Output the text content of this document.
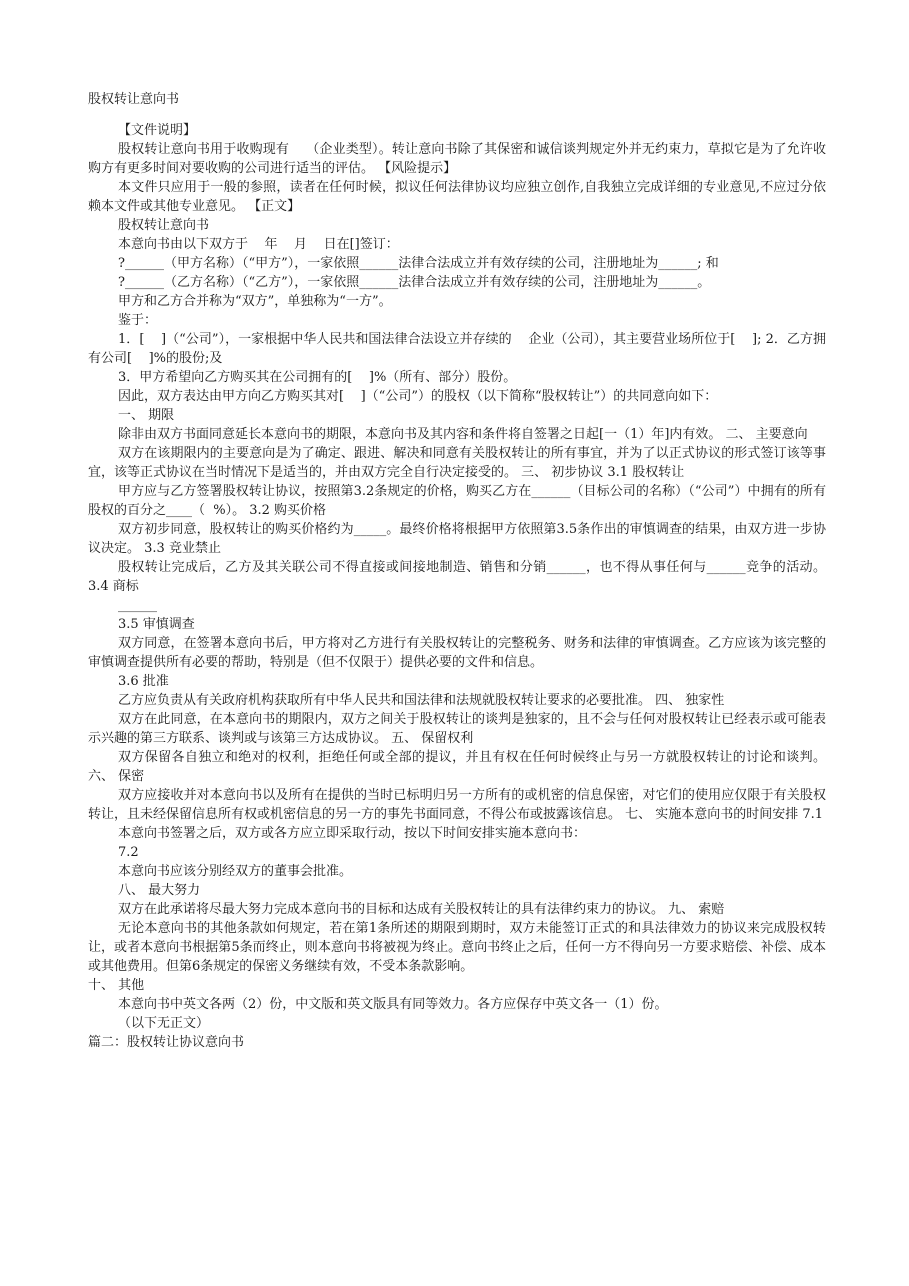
股权转让意向书

【文件说明】

股权转让意向书用于收购现有    （企业类型）。转让意向书除了其保密和诚信谈判规定外并无约束力，草拟它是为了允许收购方有更多时间对要收购的公司进行适当的评估。 【风险提示】

本文件只应用于一般的参照，读者在任何时候，拟议任何法律协议均应独立创作,自我独立完成详细的专业意见,不应过分依赖本文件或其他专业意见。 【正文】

股权转让意向书

本意向书由以下双方于    年    月    日在[]签订：

?______（甲方名称）（“甲方”），一家依照______法律合法成立并有效存续的公司，注册地址为______; 和

?______（乙方名称）（“乙方”），一家依照______法律合法成立并有效存续的公司，注册地址为______。

甲方和乙方合并称为“双方”，单独称为“一方”。

鉴于：

1．[    ]（“公司”），一家根据中华人民共和国法律合法设立并存续的    企业（公司），其主要营业场所位于[    ]; 2．乙方拥有公司[    ]%的股份;及

3．甲方希望向乙方购买其在公司拥有的[    ]%（所有、部分）股份。

因此，双方表达由甲方向乙方购买其对[    ]（“公司”）的股权（以下简称“股权转让”）的共同意向如下：

一、 期限

除非由双方书面同意延长本意向书的期限，本意向书及其内容和条件将自签署之日起[一（1）年]内有效。 二、 主要意向

双方在该期限内的主要意向是为了确定、跟进、解决和同意有关股权转让的所有事宜，并为了以正式协议的形式签订该等事宜，该等正式协议在当时情况下是适当的，并由双方完全自行决定接受的。 三、 初步协议 3.1 股权转让

甲方应与乙方签署股权转让协议，按照第3.2条规定的价格，购买乙方在______（目标公司的名称）（“公司”）中拥有的所有股权的百分之____（  %）。 3.2 购买价格

双方初步同意，股权转让的购买价格约为_____。最终价格将根据甲方依照第3.5条作出的审慎调查的结果，由双方进一步协议决定。 3.3 竞业禁止

股权转让完成后，乙方及其关联公司不得直接或间接地制造、销售和分销______，也不得从事任何与______竞争的活动。 3.4 商标

______

3.5 审慎调查

双方同意，在签署本意向书后，甲方将对乙方进行有关股权转让的完整税务、财务和法律的审慎调查。乙方应该为该完整的审慎调查提供所有必要的帮助，特别是（但不仅限于）提供必要的文件和信息。

3.6 批准

乙方应负责从有关政府机构获取所有中华人民共和国法律和法规就股权转让要求的必要批准。 四、 独家性

双方在此同意，在本意向书的期限内，双方之间关于股权转让的谈判是独家的，且不会与任何对股权转让已经表示或可能表示兴趣的第三方联系、谈判或与该第三方达成协议。 五、 保留权利

双方保留各自独立和绝对的权利，拒绝任何或全部的提议，并且有权在任何时候终止与另一方就股权转让的讨论和谈判。 六、 保密

双方应接收并对本意向书以及所有在提供的当时已标明归另一方所有的或机密的信息保密，对它们的使用应仅限于有关股权转让，且未经保留信息所有权或机密信息的另一方的事先书面同意，不得公布或披露该信息。 七、 实施本意向书的时间安排 7.1

本意向书签署之后，双方或各方应立即采取行动，按以下时间安排实施本意向书：

7.2

本意向书应该分别经双方的董事会批准。

八、 最大努力

双方在此承诺将尽最大努力完成本意向书的目标和达成有关股权转让的具有法律约束力的协议。 九、 索赔

无论本意向书的其他条款如何规定，若在第1条所述的期限到期时，双方未能签订正式的和具法律效力的协议来完成股权转让，或者本意向书根据第5条而终止，则本意向书将被视为终止。意向书终止之后，任何一方不得向另一方要求赔偿、补偿、成本或其他费用。但第6条规定的保密义务继续有效，不受本条款影响。

十、 其他

本意向书中英文各两（2）份，中文版和英文版具有同等效力。各方应保存中英文各一（1）份。

（以下无正文）

篇二：股权转让协议意向书
